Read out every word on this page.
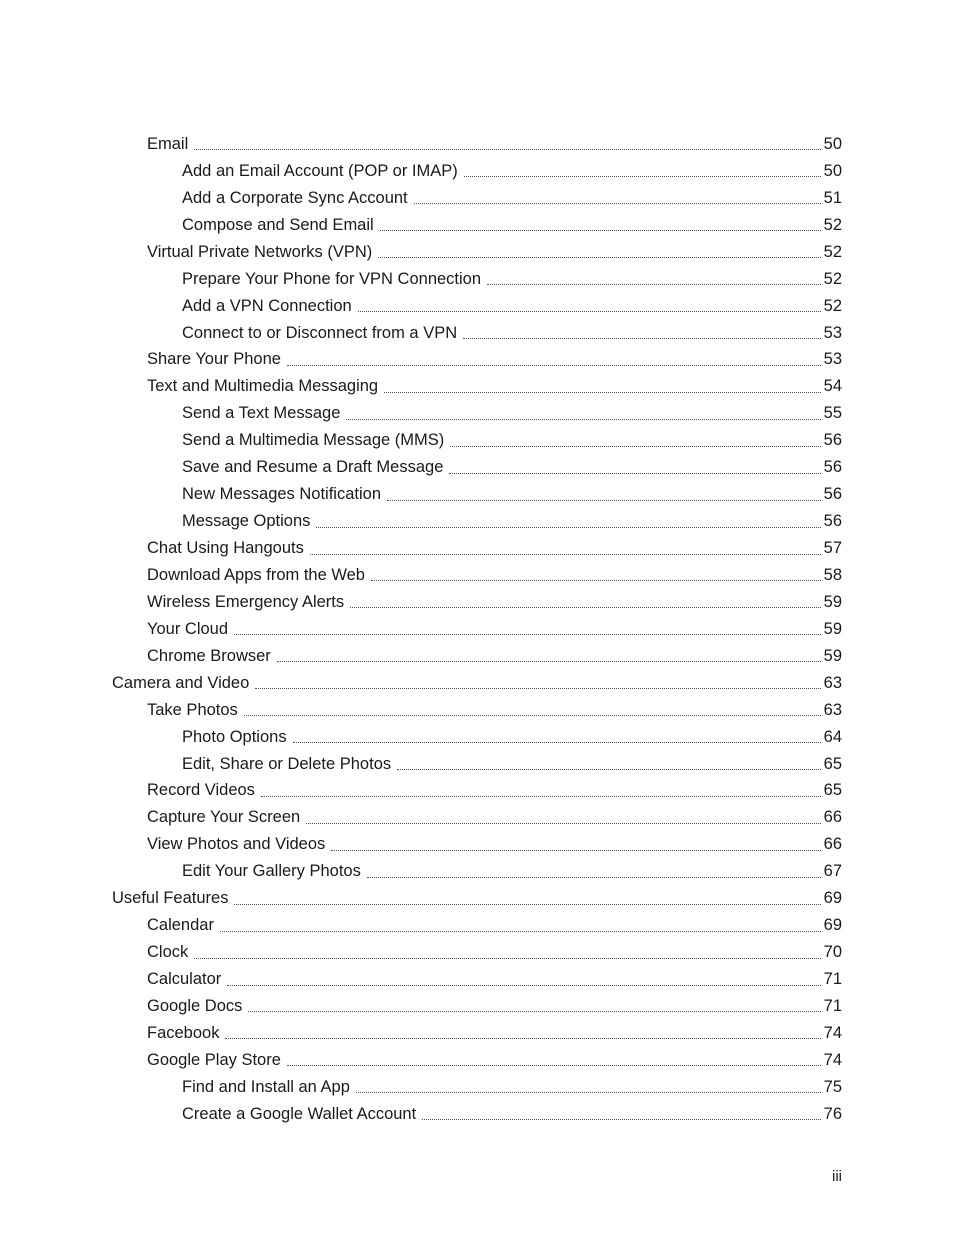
Email	50
Add an Email Account (POP or IMAP)	50
Add a Corporate Sync Account	51
Compose and Send Email	52
Virtual Private Networks (VPN)	52
Prepare Your Phone for VPN Connection	52
Add a VPN Connection	52
Connect to or Disconnect from a VPN	53
Share Your Phone	53
Text and Multimedia Messaging	54
Send a Text Message	55
Send a Multimedia Message (MMS)	56
Save and Resume a Draft Message	56
New Messages Notification	56
Message Options	56
Chat Using Hangouts	57
Download Apps from the Web	58
Wireless Emergency Alerts	59
Your Cloud	59
Chrome Browser	59
Camera and Video	63
Take Photos	63
Photo Options	64
Edit, Share or Delete Photos	65
Record Videos	65
Capture Your Screen	66
View Photos and Videos	66
Edit Your Gallery Photos	67
Useful Features	69
Calendar	69
Clock	70
Calculator	71
Google Docs	71
Facebook	74
Google Play Store	74
Find and Install an App	75
Create a Google Wallet Account	76
iii
